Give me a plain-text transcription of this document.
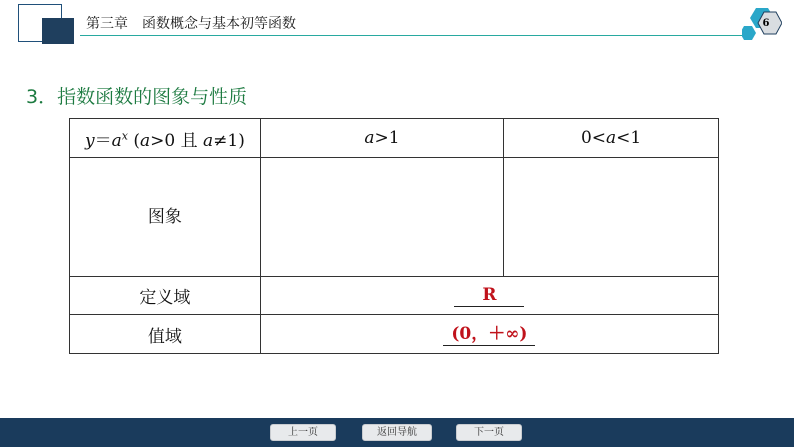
第三章　函数概念与基本初等函数	6
3．指数函数的图象与性质
$y=a^x$ (a>0 且 a≠1)	a>1	0<a<1
图象		
定义域	R	
值域	(0，＋∞)	
上一页	返回导航	下一页
